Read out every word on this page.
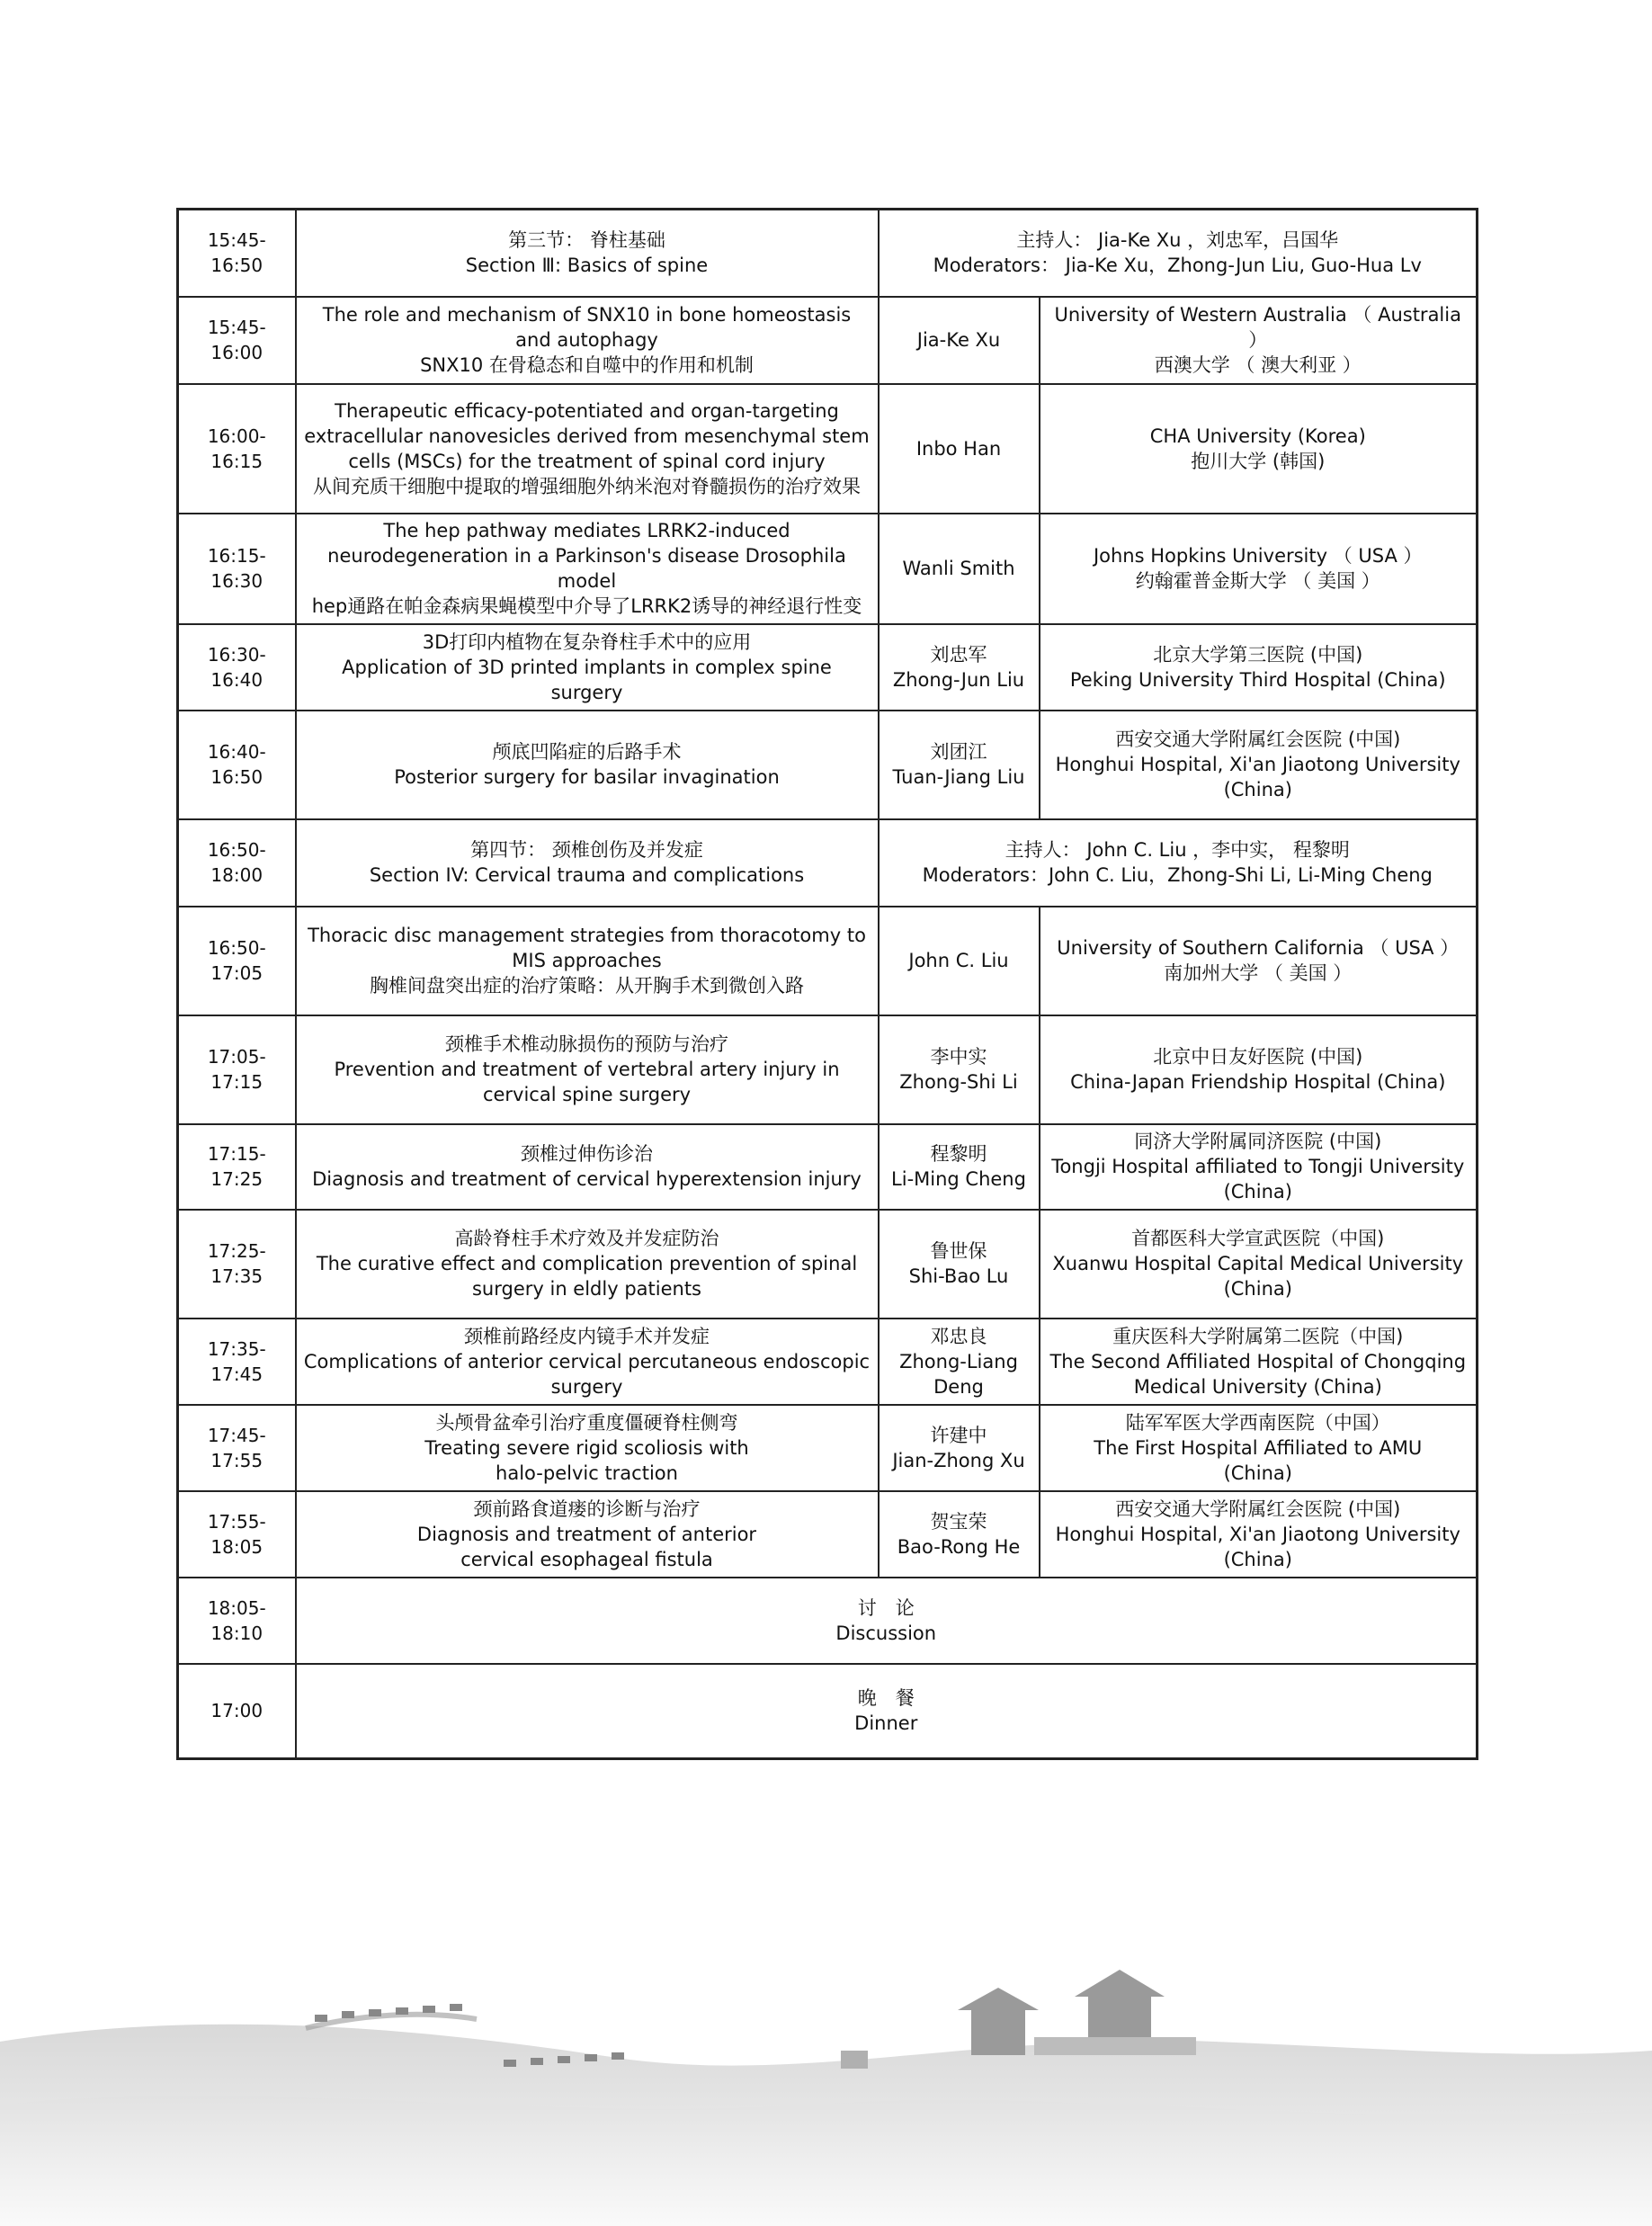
15:45-16:50	第三节： 脊柱基础
Section Ⅲ: Basics of spine	主持人： Jia-Ke Xu ，刘忠军，吕国华
Moderators： Jia-Ke Xu，Zhong-Jun Liu, Guo-Hua Lv	

15:45-16:00	The role and mechanism of SNX10 in bone homeostasis and autophagy
SNX10 在骨稳态和自噬中的作用和机制	Jia-Ke Xu	University of Western Australia （ Australia ）
西澳大学 （ 澳大利亚 ）

16:00-16:15	Therapeutic efficacy-potentiated and organ-targeting extracellular nanovesicles derived from mesenchymal stem cells (MSCs) for the treatment of spinal cord injury
从间充质干细胞中提取的增强细胞外纳米泡对脊髓损伤的治疗效果	Inbo Han	CHA University (Korea)
抱川大学 (韩国)

16:15-16:30	The hep pathway mediates LRRK2-induced neurodegeneration in a Parkinson's disease Drosophila model
hep通路在帕金森病果蝇模型中介导了LRRK2诱导的神经退行性变	Wanli Smith	Johns Hopkins University （ USA ）
约翰霍普金斯大学 （ 美国 ）

16:30-16:40	3D打印内植物在复杂脊柱手术中的应用
Application of 3D printed implants in complex spine surgery	刘忠军
Zhong-Jun Liu	北京大学第三医院 (中国)
Peking University Third Hospital (China)

16:40-16:50	颅底凹陷症的后路手术
Posterior surgery for basilar invagination	刘团江
Tuan-Jiang Liu	西安交通大学附属红会医院 (中国)
Honghui Hospital, Xi'an Jiaotong University (China)

16:50-18:00	第四节： 颈椎创伤及并发症
Section IV: Cervical trauma and complications	主持人： John C. Liu ，李中实， 程黎明
Moderators：John C. Liu，Zhong-Shi Li, Li-Ming Cheng	

16:50-17:05	Thoracic disc management strategies from thoracotomy to MIS approaches
胸椎间盘突出症的治疗策略：从开胸手术到微创入路	John C. Liu	University of Southern California （ USA ）
南加州大学 （ 美国 ）

17:05-17:15	颈椎手术椎动脉损伤的预防与治疗
Prevention and treatment of vertebral artery injury in cervical spine surgery	李中实
Zhong-Shi Li	北京中日友好医院 (中国)
China-Japan Friendship Hospital (China)

17:15-17:25	颈椎过伸伤诊治
Diagnosis and treatment of cervical hyperextension injury	程黎明
Li-Ming Cheng	同济大学附属同济医院 (中国)
Tongji Hospital affiliated to Tongji University (China)

17:25-17:35	高龄脊柱手术疗效及并发症防治
The curative effect and complication prevention of spinal surgery in eldly patients	鲁世保
Shi-Bao Lu	首都医科大学宣武医院（中国)
Xuanwu Hospital Capital Medical University (China)

17:35-17:45	颈椎前路经皮内镜手术并发症
Complications of anterior cervical percutaneous endoscopic surgery	邓忠良
Zhong-Liang
Deng	重庆医科大学附属第二医院（中国)
The Second Affiliated Hospital of Chongqing Medical University (China)

17:45-17:55	头颅骨盆牵引治疗重度僵硬脊柱侧弯
Treating severe rigid scoliosis with
halo-pelvic traction	许建中
Jian-Zhong Xu	陆军军医大学西南医院（中国）
The First Hospital Affiliated to AMU
(China)

17:55-18:05	颈前路食道瘘的诊断与治疗
Diagnosis and treatment of anterior
cervical esophageal fistula	贺宝荣
Bao-Rong He	西安交通大学附属红会医院 (中国)
Honghui Hospital, Xi'an Jiaotong University
(China)

18:05-18:10	讨　论
Discussion		

17:00	晚　餐
Dinner		
